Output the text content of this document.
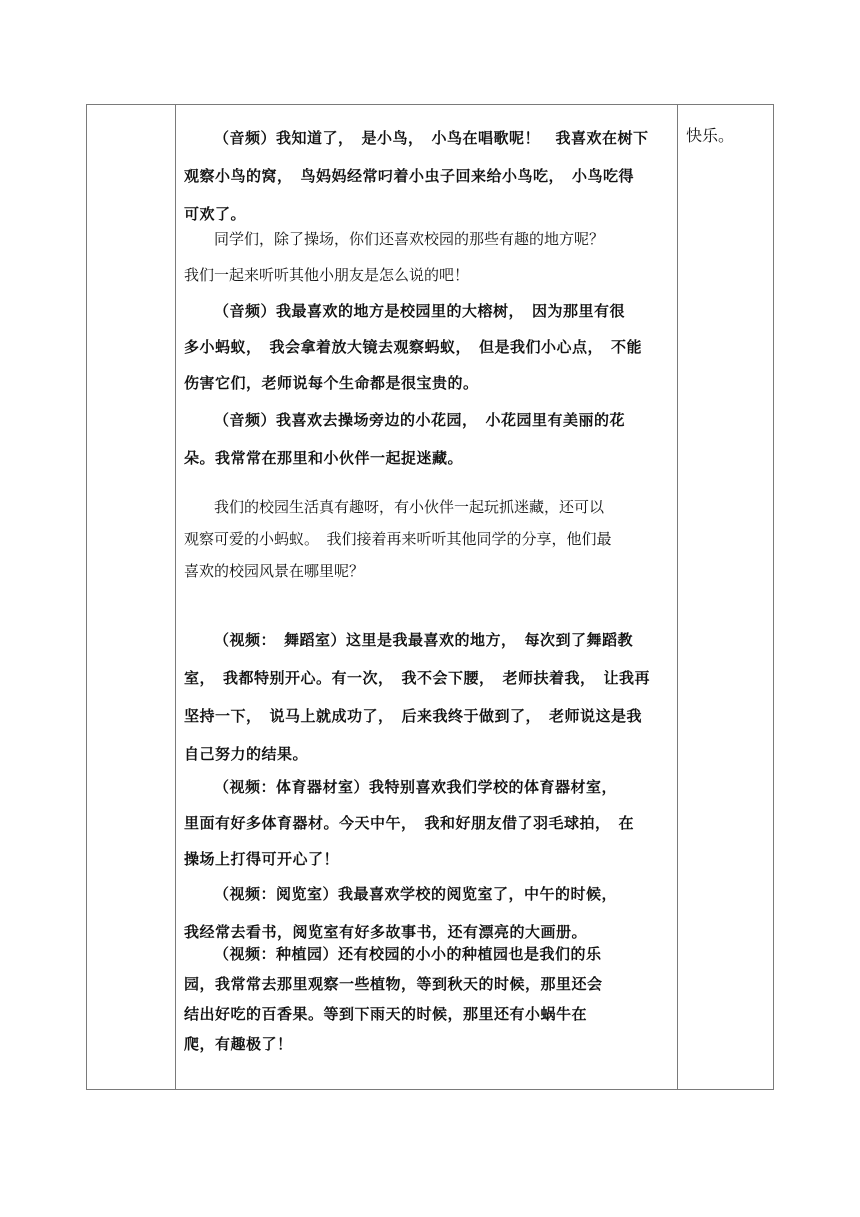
（音频）我知道了，　是小鸟，　小鸟在唱歌呢！　我喜欢在树下
观察小鸟的窝，　鸟妈妈经常叼着小虫子回来给小鸟吃，　小鸟吃得
可欢了。
同学们，除了操场，你们还喜欢校园的那些有趣的地方呢？
我们一起来听听其他小朋友是怎么说的吧！
（音频）我最喜欢的地方是校园里的大榕树，　因为那里有很
多小蚂蚁，　我会拿着放大镜去观察蚂蚁，　但是我们小心点，　不能
伤害它们，老师说每个生命都是很宝贵的。
（音频）我喜欢去操场旁边的小花园，　小花园里有美丽的花
朵。我常常在那里和小伙伴一起捉迷藏。
我们的校园生活真有趣呀，有小伙伴一起玩抓迷藏，还可以
观察可爱的小蚂蚁。　我们接着再来听听其他同学的分享，他们最
喜欢的校园风景在哪里呢？
（视频：　舞蹈室）这里是我最喜欢的地方，　每次到了舞蹈教
室，　我都特别开心。有一次，　我不会下腰，　老师扶着我，　让我再
坚持一下，　说马上就成功了，　后来我终于做到了，　老师说这是我
自己努力的结果。
（视频：体育器材室）我特别喜欢我们学校的体育器材室，
里面有好多体育器材。今天中午，　我和好朋友借了羽毛球拍，　在
操场上打得可开心了！
（视频：阅览室）我最喜欢学校的阅览室了，中午的时候，
我经常去看书，阅览室有好多故事书，还有漂亮的大画册。
（视频：种植园）还有校园的小小的种植园也是我们的乐
园，我常常去那里观察一些植物，等到秋天的时候，那里还会
结出好吃的百香果。等到下雨天的时候，那里还有小蜗牛在
爬，有趣极了！
快乐。
